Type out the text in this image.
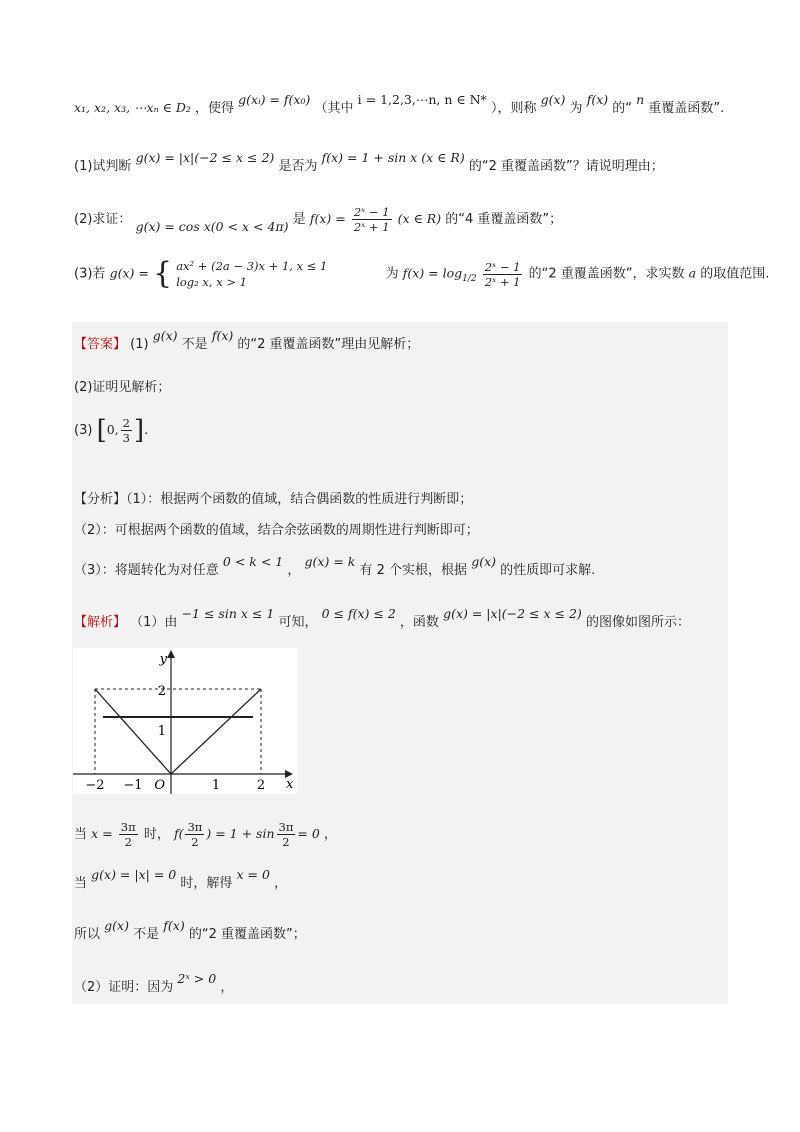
x₁, x₂, x₃, ⋯xₙ ∈ D₂ ，使得 g(xᵢ) = f(x₀) （其中 i = 1,2,3,⋯n, n ∈ N* ），则称 g(x) 为 f(x) 的“ n 重覆盖函数”.
(1)试判断 g(x) = |x|(−2 ≤ x ≤ 2) 是否为 f(x) = 1 + sin x (x ∈ R) 的“2 重覆盖函数”？请说明理由；
(2)求证： g(x) = cos x(0 < x < 4π) 是 $f(x) = \frac{\text{2ˣ − 1}}{\text{2ˣ + 1}} (x$ ∈ R) 的“4 重覆盖函数”；
(3)若 g(x) = { ax² + (2a − 3)x + 1, x ≤ 1
log₂ x, x > 1
为 $f(x) = \log_{1/2} \frac{\text{2ˣ − 1}}{\text{2ˣ + 1}}$ 的“2 重覆盖函数”，求实数 a 的取值范围.
【答案】 (1) g(x) 不是 f(x) 的“2 重覆盖函数”理由见解析；
(2)证明见解析；
(3) [0, $\frac{2}{3}$ ].
【分析】（1）：根据两个函数的值域，结合偶函数的性质进行判断即；
（2）：可根据两个函数的值域，结合余弦函数的周期性进行判断即可；
（3）：将题转化为对任意 0 < k < 1 ， g(x) = k 有 2 个实根，根据 g(x) 的性质即可求解.
【解析】 （1）由 −1 ≤ sin x ≤ 1 可知， 0 ≤ f(x) ≤ 2 ，函数 g(x) = |x|(−2 ≤ x ≤ 2) 的图像如图所示：
y
x
O
2
1
−2 −1	1	2
当 $x = \frac{3\pi}{2}$ 时， $f( \frac{3\pi}{2}$ ) = $1 + \sin \frac{3\pi}{2} = 0$ ，
当 g(x) = |x| = 0 时，解得 x = 0 ，
所以 g(x) 不是 f(x) 的“2 重覆盖函数”；
（2）证明：因为 2ˣ > 0 ，
